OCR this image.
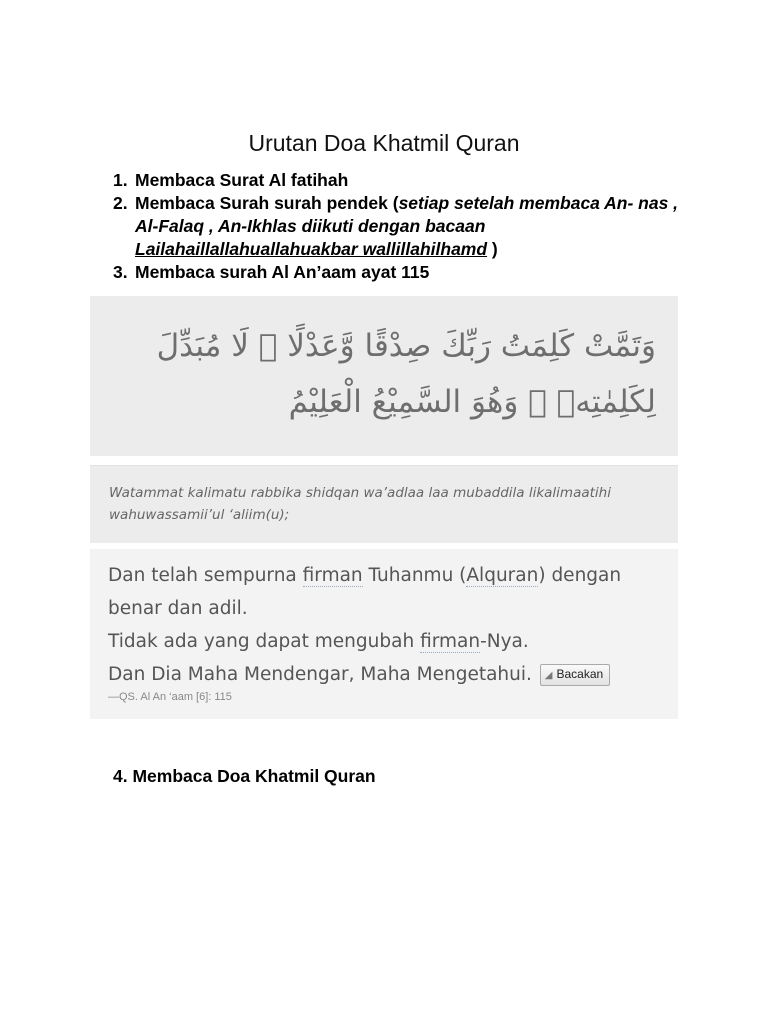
Urutan Doa Khatmil Quran
1. Membaca Surat Al fatihah
2. Membaca Surah surah pendek (setiap setelah membaca An- nas , Al-Falaq , An-Ikhlas diikuti dengan bacaan Lailahaillallahuallahuakbar wallillahilhamd )
3. Membaca surah Al An’aam ayat 115
وَتَمَّتْ كَلِمَتُ رَبِّكَ صِدْقًا وَّعَدْلًا ۗ لَا مُبَدِّلَ لِكَلِمٰتِهٖ ۚ وَهُوَ السَّمِيْعُ الْعَلِيْمُ
Watammat kalimatu rabbika shidqan wa’adlaa laa mubaddila likalimaatihi wahuwassamii’ul ‘aliim(u);
Dan telah sempurna firman Tuhanmu (Alquran) dengan benar dan adil.
Tidak ada yang dapat mengubah firman-Nya.
Dan Dia Maha Mendengar, Maha Mengetahui. ◢ Bacakan
—QS. Al An ‘aam [6]: 115
4. Membaca Doa Khatmil Quran
